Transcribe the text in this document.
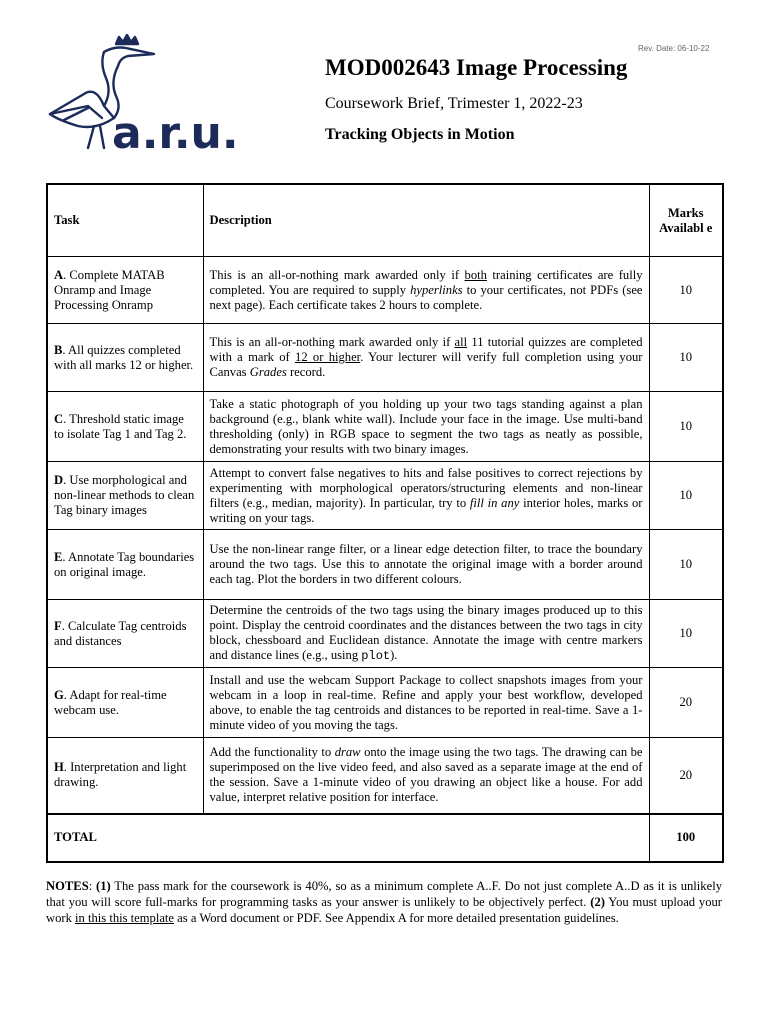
Rev. Date: 06-10-22
a.r.u.
MOD002643 Image Processing
Coursework Brief, Trimester 1, 2022-23
Tracking Objects in Motion
Task	Description	Marks Availabl e
A. Complete MATAB Onramp and Image Processing Onramp	This is an all-or-nothing mark awarded only if both training certificates are fully completed. You are required to supply hyperlinks to your certificates, not PDFs (see next page). Each certificate takes 2 hours to complete.	10
B. All quizzes completed with all marks 12 or higher.	This is an all-or-nothing mark awarded only if all 11 tutorial quizzes are completed with a mark of 12 or higher. Your lecturer will verify full completion using your Canvas Grades record.	10
C. Threshold static image to isolate Tag 1 and Tag 2.	Take a static photograph of you holding up your two tags standing against a plan background (e.g., blank white wall). Include your face in the image. Use multi-band thresholding (only) in RGB space to segment the two tags as neatly as possible, demonstrating your results with two binary images.	10
D. Use morphological and non-linear methods to clean Tag binary images	Attempt to convert false negatives to hits and false positives to correct rejections by experimenting with morphological operators/structuring elements and non-linear filters (e.g., median, majority). In particular, try to fill in any interior holes, marks or writing on your tags.	10
E. Annotate Tag boundaries on original image.	Use the non-linear range filter, or a linear edge detection filter, to trace the boundary around the two tags. Use this to annotate the original image with a border around each tag. Plot the borders in two different colours.	10
F. Calculate Tag centroids and distances	Determine the centroids of the two tags using the binary images produced up to this point. Display the centroid coordinates and the distances between the two tags in city block, chessboard and Euclidean distance. Annotate the image with centre markers and distance lines (e.g., using plot).	10
G. Adapt for real-time webcam use.	Install and use the webcam Support Package to collect snapshots images from your webcam in a loop in real-time. Refine and apply your best workflow, developed above, to enable the tag centroids and distances to be reported in real-time. Save a 1-minute video of you moving the tags.	20
H. Interpretation and light drawing.	Add the functionality to draw onto the image using the two tags. The drawing can be superimposed on the live video feed, and also saved as a separate image at the end of the session. Save a 1-minute video of you drawing an object like a house. For add value, interpret relative position for interface.	20
TOTAL		100
NOTES: (1) The pass mark for the coursework is 40%, so as a minimum complete A..F. Do not just complete A..D as it is unlikely that you will score full-marks for programming tasks as your answer is unlikely to be objectively perfect. (2) You must upload your work in this this template as a Word document or PDF. See Appendix A for more detailed presentation guidelines.
